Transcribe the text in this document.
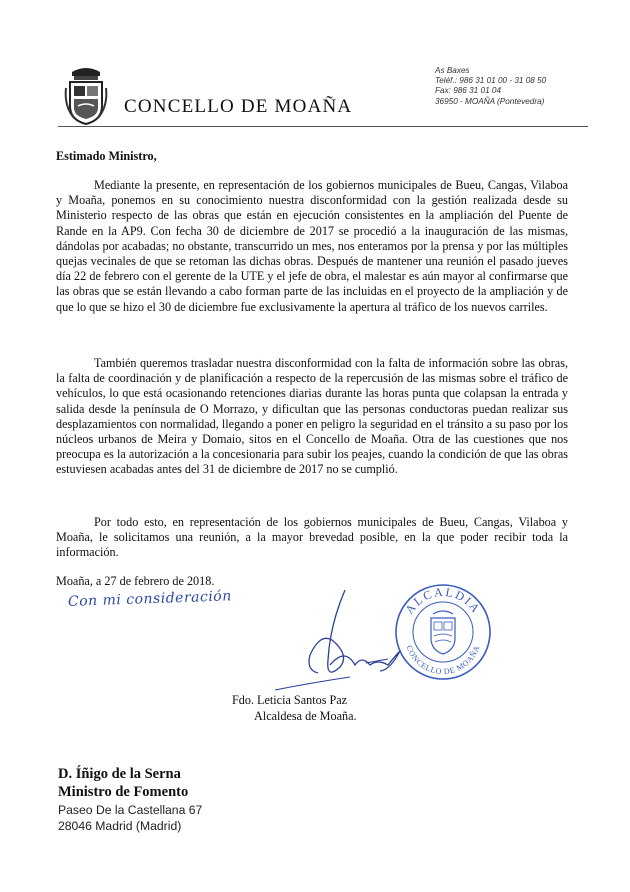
CONCELLO DE MOAÑA
As Baxes
Teléf.: 986 31 01 00 - 31 08 50
Fax: 986 31 01 04
36950 - MOAÑA (Pontevedra)
Estimado Ministro,
Mediante la presente, en representación de los gobiernos municipales de Bueu, Cangas, Vilaboa y Moaña, ponemos en su conocimiento nuestra disconformidad con la gestión realizada desde su Ministerio respecto de las obras que están en ejecución consistentes en la ampliación del Puente de Rande en la AP9. Con fecha 30 de diciembre de 2017 se procedió a la inauguración de las mismas, dándolas por acabadas; no obstante, transcurrido un mes, nos enteramos por la prensa y por las múltiples quejas vecinales de que se retoman las dichas obras. Después de mantener una reunión el pasado jueves día 22 de febrero con el gerente de la UTE y el jefe de obra, el malestar es aún mayor al confirmarse que las obras que se están llevando a cabo forman parte de las incluidas en el proyecto de la ampliación y de que lo que se hizo el 30 de diciembre fue exclusivamente la apertura al tráfico de los nuevos carriles.
También queremos trasladar nuestra disconformidad con la falta de información sobre las obras, la falta de coordinación y de planificación a respecto de la repercusión de las mismas sobre el tráfico de vehículos, lo que está ocasionando retenciones diarias durante las horas punta que colapsan la entrada y salida desde la península de O Morrazo, y dificultan que las personas conductoras puedan realizar sus desplazamientos con normalidad, llegando a poner en peligro la seguridad en el tránsito a su paso por los núcleos urbanos de Meira y Domaio, sitos en el Concello de Moaña. Otra de las cuestiones que nos preocupa es la autorización a la concesionaria para subir los peajes, cuando la condición de que las obras estuviesen acabadas antes del 31 de diciembre de 2017 no se cumplió.
Por todo esto, en representación de los gobiernos municipales de Bueu, Cangas, Vilaboa y Moaña, le solicitamos una reunión, a la mayor brevedad posible, en la que poder recibir toda la información.
Moaña, a 27 de febrero de 2018.
Con mi consideración	ALCALDIA
CONCELLO DE MOAÑA
Fdo. Leticia Santos Paz
Alcaldesa de Moaña.
D. Íñigo de la Serna
Ministro de Fomento
Paseo De la Castellana 67
28046 Madrid (Madrid)
